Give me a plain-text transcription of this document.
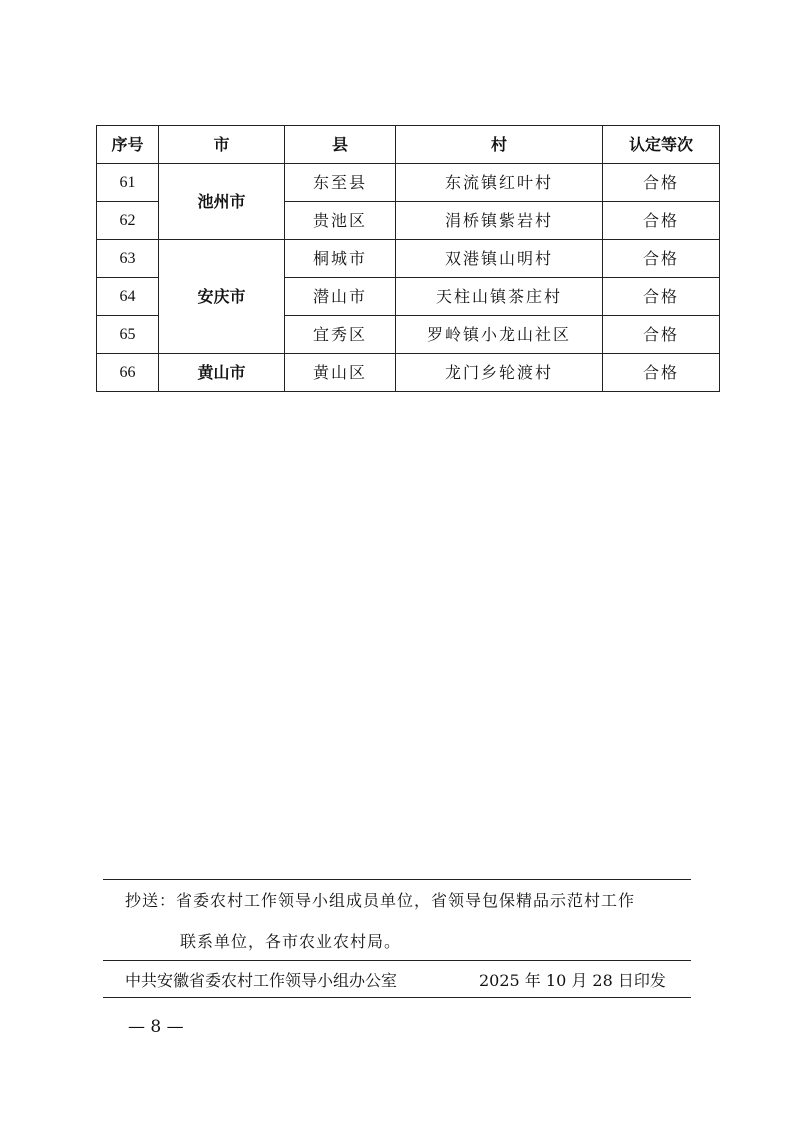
序号	市	县	村	认定等次
61	池州市	东至县	东流镇红叶村	合格
62		贵池区	涓桥镇紫岩村	合格
63	安庆市	桐城市	双港镇山明村	合格
64		潜山市	天柱山镇茶庄村	合格
65		宜秀区	罗岭镇小龙山社区	合格
66	黄山市	黄山区	龙门乡轮渡村	合格
抄送：省委农村工作领导小组成员单位，省领导包保精品示范村工作
联系单位，各市农业农村局。
中共安徽省委农村工作领导小组办公室	2025 年 10 月 28 日印发
— 8 —
